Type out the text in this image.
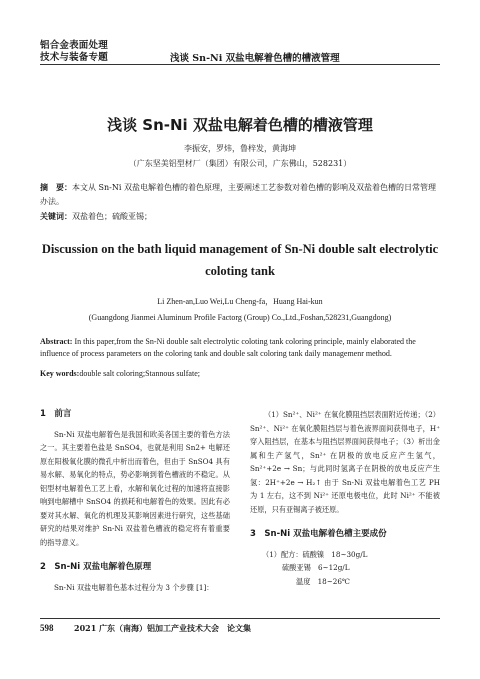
铝合金表面处理
技术与装备专题	浅谈 Sn-Ni 双盐电解着色槽的槽液管理
浅谈 Sn-Ni 双盐电解着色槽的槽液管理
李振安，罗炜，鲁梓发，黄海坤
（广东坚美铝型材厂（集团）有限公司，广东佛山，528231）
摘　要：本文从 Sn-Ni 双盐电解着色槽的着色原理，主要阐述工艺参数对着色槽的影响及双盐着色槽的日常管理办法。
关键词：双盐着色；硫酸亚锡；
Discussion on the bath liquid management of Sn-Ni double salt electrolytic coloting tank
Li Zhen-an,Luo Wei,Lu Cheng-fa，Huang Hai-kun
(Guangdong Jianmei Aluminum Profile Factorg (Group) Co.,Ltd.,Foshan,528231,Guangdong)
Abstract: In this paper,from the Sn-Ni double salt electrolytic coloting tank coloring principle, mainly elaborated the influence of process parameters on the coloring tank and double salt coloring tank daily managemenr method.
Key words:double salt coloring;Stannous sulfate;
1　前言

Sn-Ni 双盐电解着色是我国和欧美各国主要的着色方法之一。其主要着色盐是 SnSO4，也就是利用 Sn2+ 电解还原在阳极氧化膜的微孔中析出而着色，但由于 SnSO4 具有易水解、易氧化的特点，势必影响到着色槽液的不稳定。从铝型材电解着色工艺上看，水解和氧化过程的加速将直接影响到电解槽中 SnSO4 的损耗和电解着色的效果。因此有必要对其水解、氧化的机理及其影响因素进行研究，这些基础研究的结果对维护 Sn-Ni 双盐着色槽液的稳定将有着重要的指导意义。

2　Sn-Ni 双盐电解着色原理

Sn-Ni 双盐电解着色基本过程分为 3 个步骤 [1]：

（1）Sn²⁺、Ni²⁺ 在氧化膜阻挡层表面附近传递；（2）Sn²⁺、Ni²⁺ 在氧化膜阻挡层与着色液界面间获得电子，H⁺ 穿入阻挡层，在基本与阻挡层界面间获得电子；（3）析出金属和生产氢气，Sn²⁺ 在阴极的放电反应产生氢气，Sn²⁺+2e → Sn；与此同时氢离子在阴极的放电反应产生氢：2H⁺+2e → H₂↑ 由于 Sn-Ni 双盐电解着色工艺 PH 为 1 左右，这不到 Ni²⁺ 还原电极电位，此时 Ni²⁺ 不能被还原，只有亚锡离子被还原。

3　Sn-Ni 双盐电解着色槽主要成份

（1）配方：硫酸镍　 18~30g/L

硫酸亚锡　 6~12g/L

温度　 18~26℃

598	2021 广东（南海）铝加工产业技术大会　论文集
